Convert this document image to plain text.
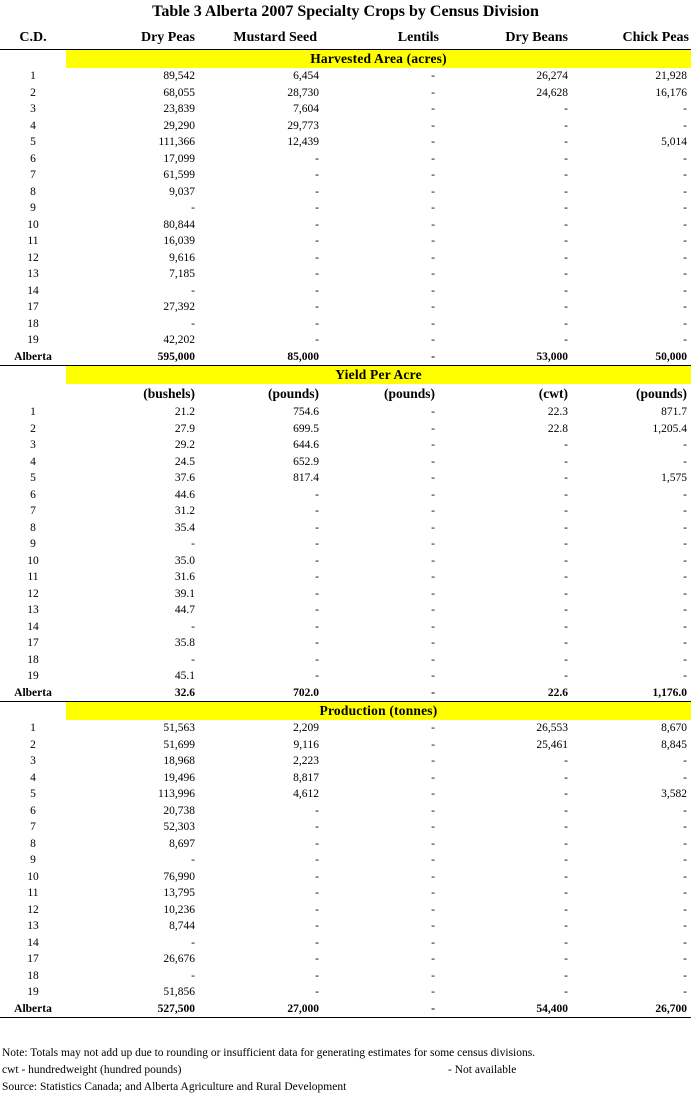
Table 3 Alberta 2007 Specialty Crops by Census Division
C.D.	Dry Peas	Mustard Seed	Lentils	Dry Beans	Chick Peas
	Harvested Area (acres)				
1	89,542	6,454	-	26,274	21,928
2	68,055	28,730	-	24,628	16,176
3	23,839	7,604	-	-	-
4	29,290	29,773	-	-	-
5	111,366	12,439	-	-	5,014
6	17,099	-	-	-	-
7	61,599	-	-	-	-
8	9,037	-	-	-	-
9	-	-	-	-	-
10	80,844	-	-	-	-
11	16,039	-	-	-	-
12	9,616	-	-	-	-
13	7,185	-	-	-	-
14	-	-	-	-	-
17	27,392	-	-	-	-
18	-	-	-	-	-
19	42,202	-	-	-	-
Alberta	595,000	85,000	-	53,000	50,000
	Yield Per Acre				
	(bushels)	(pounds)	(pounds)	(cwt)	(pounds)
1	21.2	754.6	-	22.3	871.7
2	27.9	699.5	-	22.8	1,205.4
3	29.2	644.6	-	-	-
4	24.5	652.9	-	-	-
5	37.6	817.4	-	-	1,575
6	44.6	-	-	-	-
7	31.2	-	-	-	-
8	35.4	-	-	-	-
9	-	-	-	-	-
10	35.0	-	-	-	-
11	31.6	-	-	-	-
12	39.1	-	-	-	-
13	44.7	-	-	-	-
14	-	-	-	-	-
17	35.8	-	-	-	-
18	-	-	-	-	-
19	45.1	-	-	-	-
Alberta	32.6	702.0	-	22.6	1,176.0
	Production (tonnes)				
1	51,563	2,209	-	26,553	8,670
2	51,699	9,116	-	25,461	8,845
3	18,968	2,223	-	-	-
4	19,496	8,817	-	-	-
5	113,996	4,612	-	-	3,582
6	20,738	-	-	-	-
7	52,303	-	-	-	-
8	8,697	-	-	-	-
9	-	-	-	-	-
10	76,990	-	-	-	-
11	13,795	-	-	-	-
12	10,236	-	-	-	-
13	8,744	-	-	-	-
14	-	-	-	-	-
17	26,676	-	-	-	-
18	-	-	-	-	-
19	51,856	-	-	-	-
Alberta	527,500	27,000	-	54,400	26,700
Note: Totals may not add up due to rounding or insufficient data for generating estimates for some census divisions.
cwt - hundredweight (hundred pounds)	- Not available
Source: Statistics Canada; and Alberta Agriculture and Rural Development
